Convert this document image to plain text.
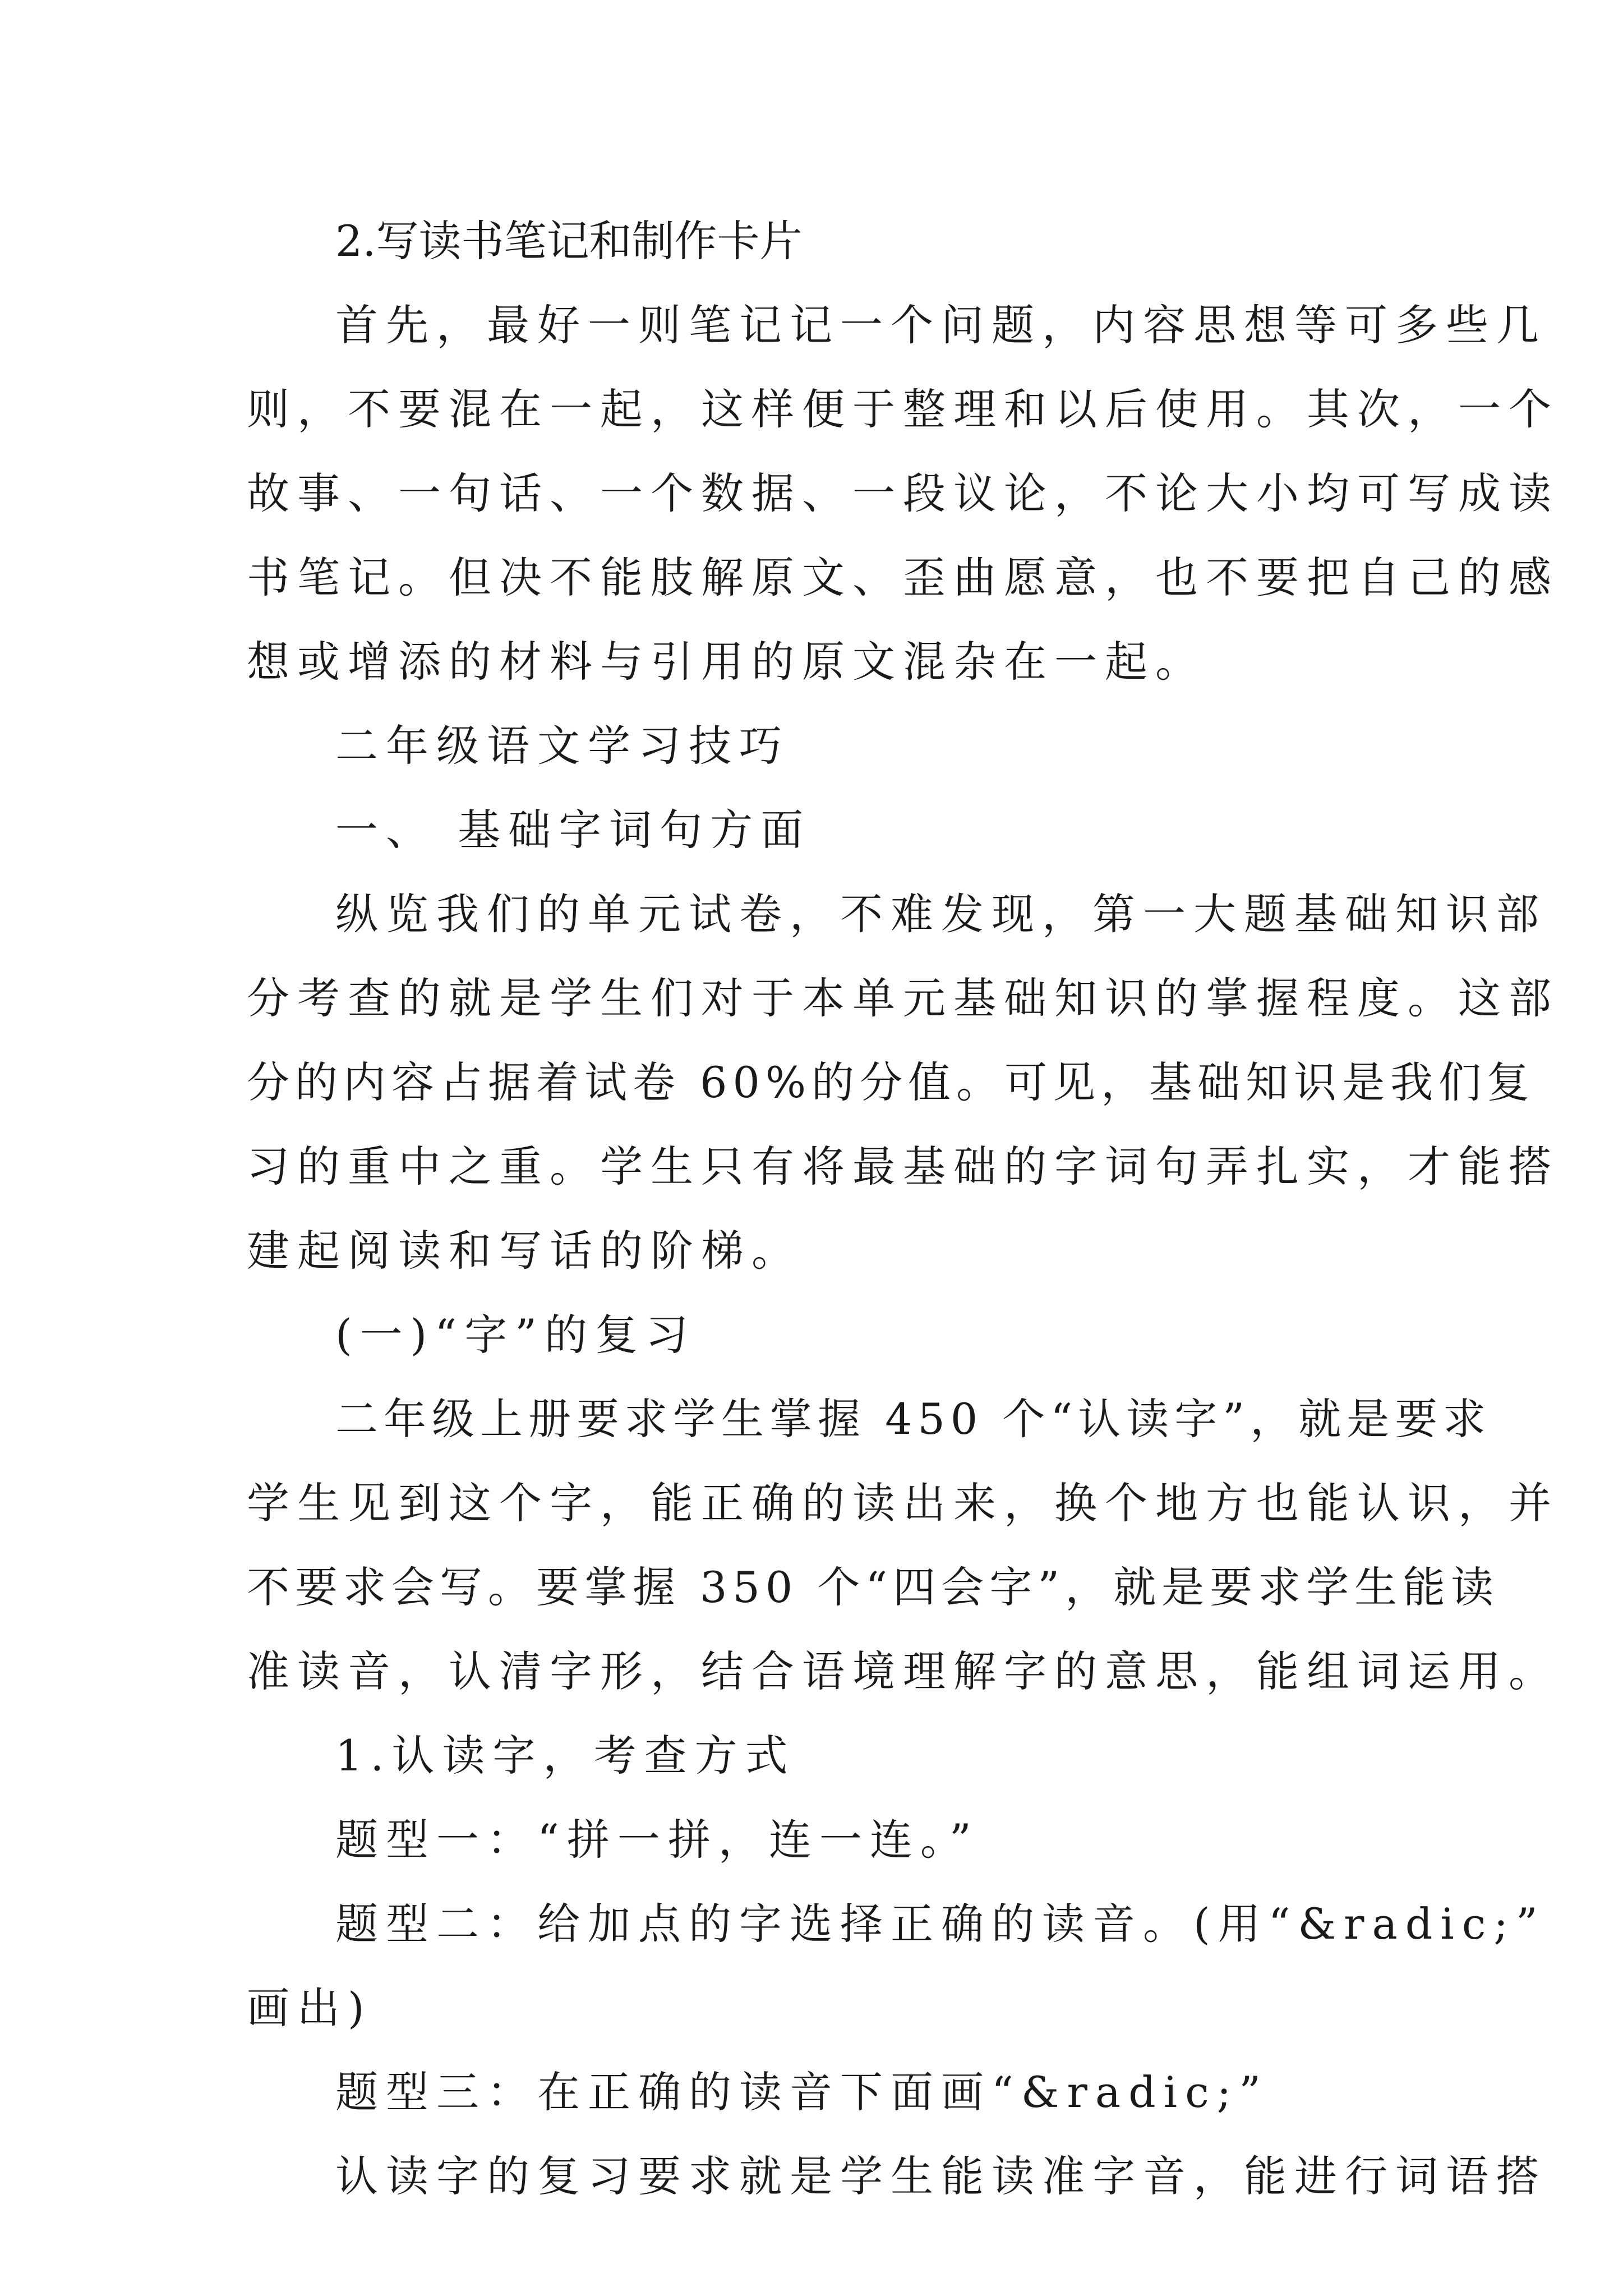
2.写读书笔记和制作卡片
首先，最好一则笔记记一个问题，内容思想等可多些几
则，不要混在一起，这样便于整理和以后使用。其次，一个
故事、一句话、一个数据、一段议论，不论大小均可写成读
书笔记。但决不能肢解原文、歪曲愿意，也不要把自己的感
想或增添的材料与引用的原文混杂在一起。
二年级语文学习技巧
一、 基础字词句方面
纵览我们的单元试卷，不难发现，第一大题基础知识部
分考查的就是学生们对于本单元基础知识的掌握程度。这部
分的内容占据着试卷 60%的分值。可见，基础知识是我们复
习的重中之重。学生只有将最基础的字词句弄扎实，才能搭
建起阅读和写话的阶梯。
(一)“字”的复习
二年级上册要求学生掌握 450 个“认读字”，就是要求
学生见到这个字，能正确的读出来，换个地方也能认识，并
不要求会写。要掌握 350 个“四会字”，就是要求学生能读
准读音，认清字形，结合语境理解字的意思，能组词运用。
1.认读字，考查方式
题型一：“拼一拼，连一连。”
题型二：给加点的字选择正确的读音。(用“&radic;”
画出)
题型三：在正确的读音下面画“&radic;”
认读字的复习要求就是学生能读准字音，能进行词语搭
